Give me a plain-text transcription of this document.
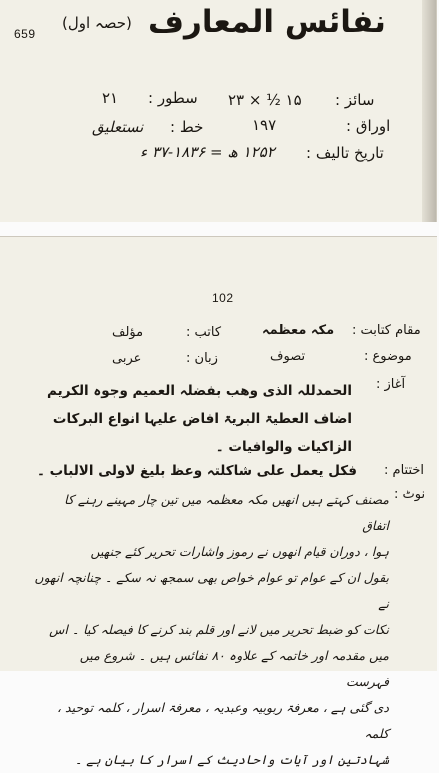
659	نفائس المعارف
(حصہ اول)
سائز :
۱۵ ½ × ۲۳
سطور :
۲۱
اوراق :
۱۹۷
خط :
نستعلیق
تاریخ تالیف :
۱۲۵۲ ھ = ۱۸۳۶-۳۷ ء
102
مقام کتابت :
مکہ معظمہ
کاتب :
مؤلف
موضوع :
تصوف
زبان :
عربی
آغاز :
الحمدللہ الذی وھب بفضلہ العمیم وجوہ الکریم
اضاف العطیۃ البریۃ افاض علیہا انواع البرکات
الزاکیات والوافیات ۔
اختتام :
فکل یعمل علی شاکلتہ وعظ بلیغ لاولی الالباب ۔
نوٹ :
مصنف کہتے ہیں انھیں مکہ معظمہ میں تین چار مہینے رہنے کا اتفاق
ہوا ، دوران قیام انھوں نے رموز واشارات تحریر کئے جنھیں
بقول ان کے عوام تو عوام خواص بھی سمجھ نہ سکے ۔ چنانچہ انھوں نے
نکات کو ضبط تحریر میں لانے اور قلم بند کرنے کا فیصلہ کیا ۔ اس
میں مقدمہ اور خاتمہ کے علاوہ ۸۰ نفائس ہیں ۔ شروع میں فہرست
دی گئی ہے ، معرفۃ ربوبیہ وعبدیہ ، معرفۃ اسرار ، کلمہ توحید ، کلمہ
شہادتین اور آیات واحادیث کے اسرار کا بیان ہے ۔
